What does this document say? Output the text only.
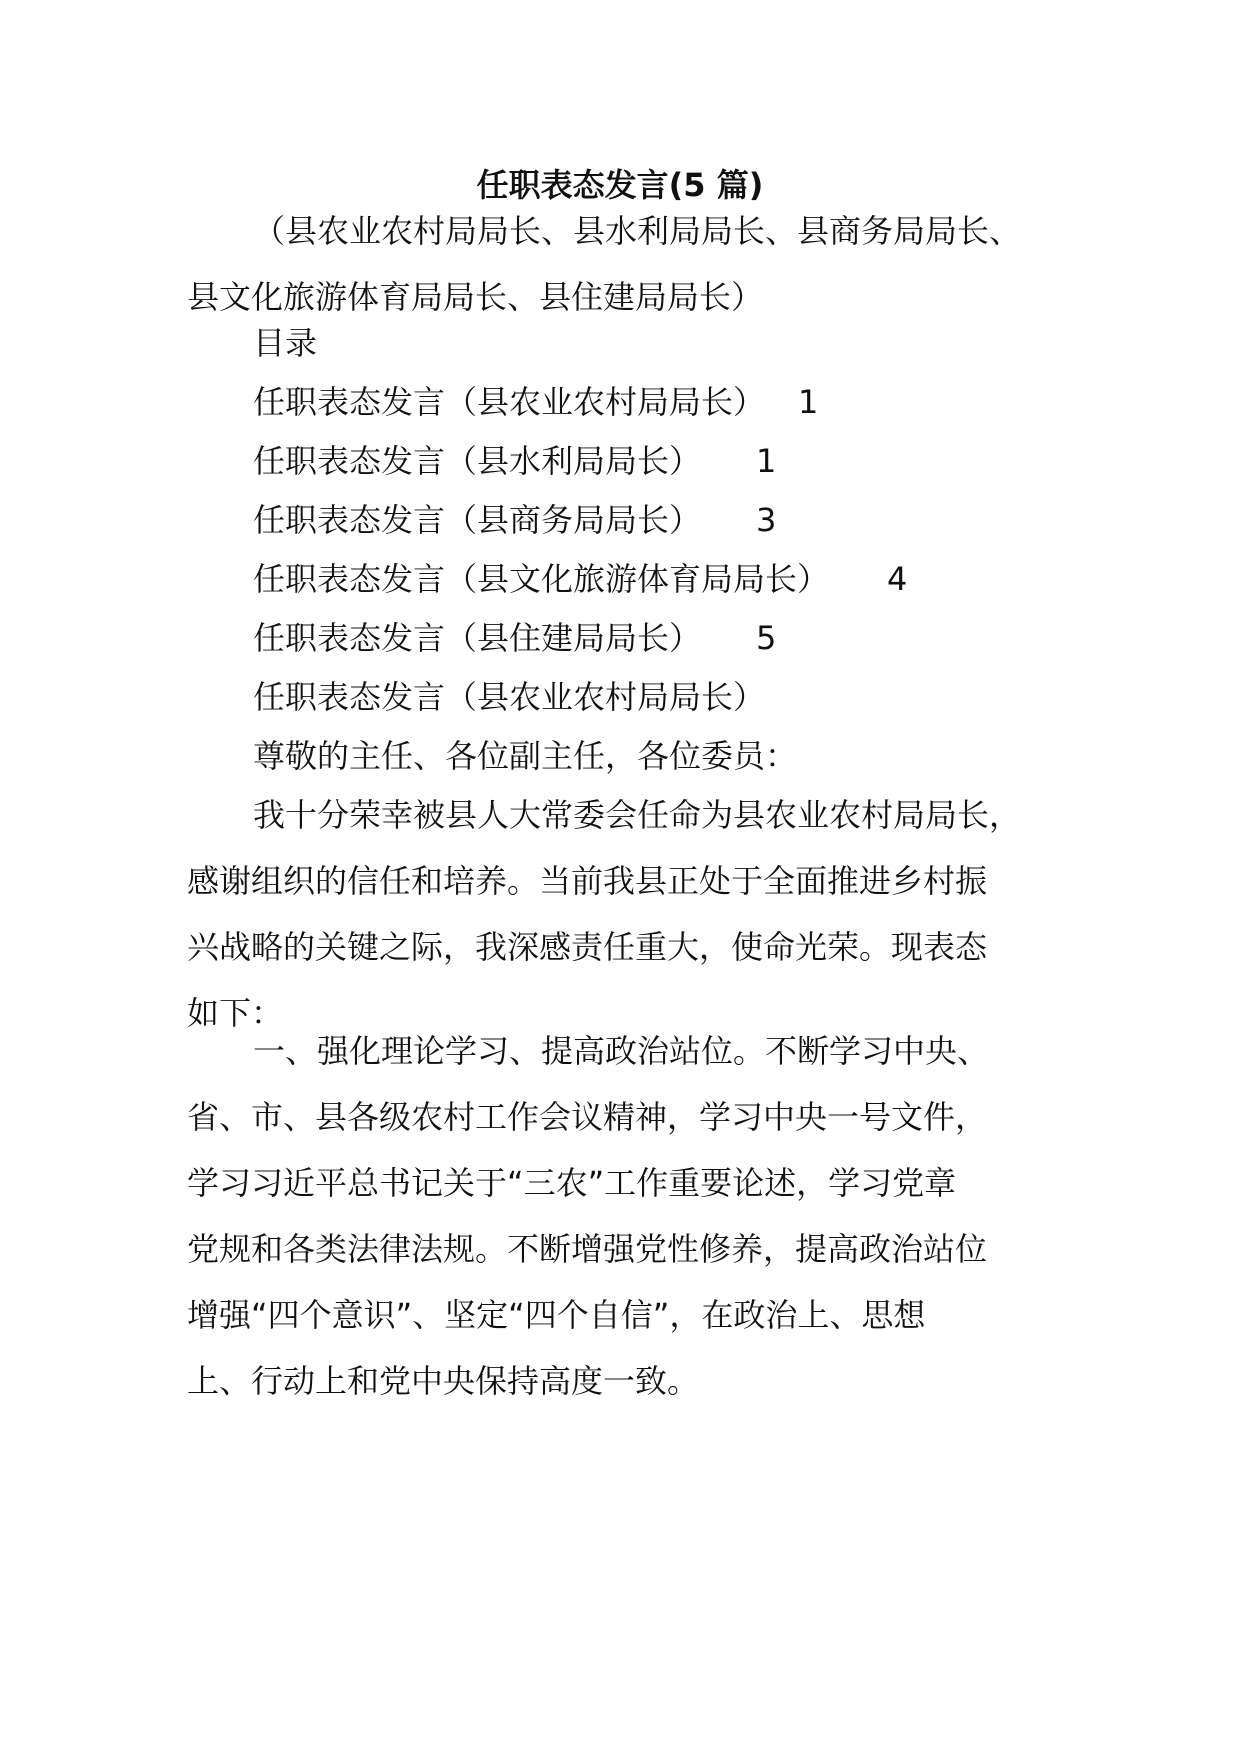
任职表态发言(5 篇)
（县农业农村局局长、县水利局局长、县商务局局长、
县文化旅游体育局局长、县住建局局长）
目录
任职表态发言（县农业农村局局长） 1
任职表态发言（县水利局局长） 1
任职表态发言（县商务局局长） 3
任职表态发言（县文化旅游体育局局长） 4
任职表态发言（县住建局局长） 5
任职表态发言（县农业农村局局长）
尊敬的主任、各位副主任，各位委员：
我十分荣幸被县人大常委会任命为县农业农村局局长，
感谢组织的信任和培养。当前我县正处于全面推进乡村振
兴战略的关键之际，我深感责任重大，使命光荣。现表态
如下：
一、强化理论学习、提高政治站位。不断学习中央、
省、市、县各级农村工作会议精神，学习中央一号文件，
学习习近平总书记关于“三农”工作重要论述，学习党章
党规和各类法律法规。不断增强党性修养，提高政治站位
增强“四个意识”、坚定“四个自信”，在政治上、思想
上、行动上和党中央保持高度一致。
